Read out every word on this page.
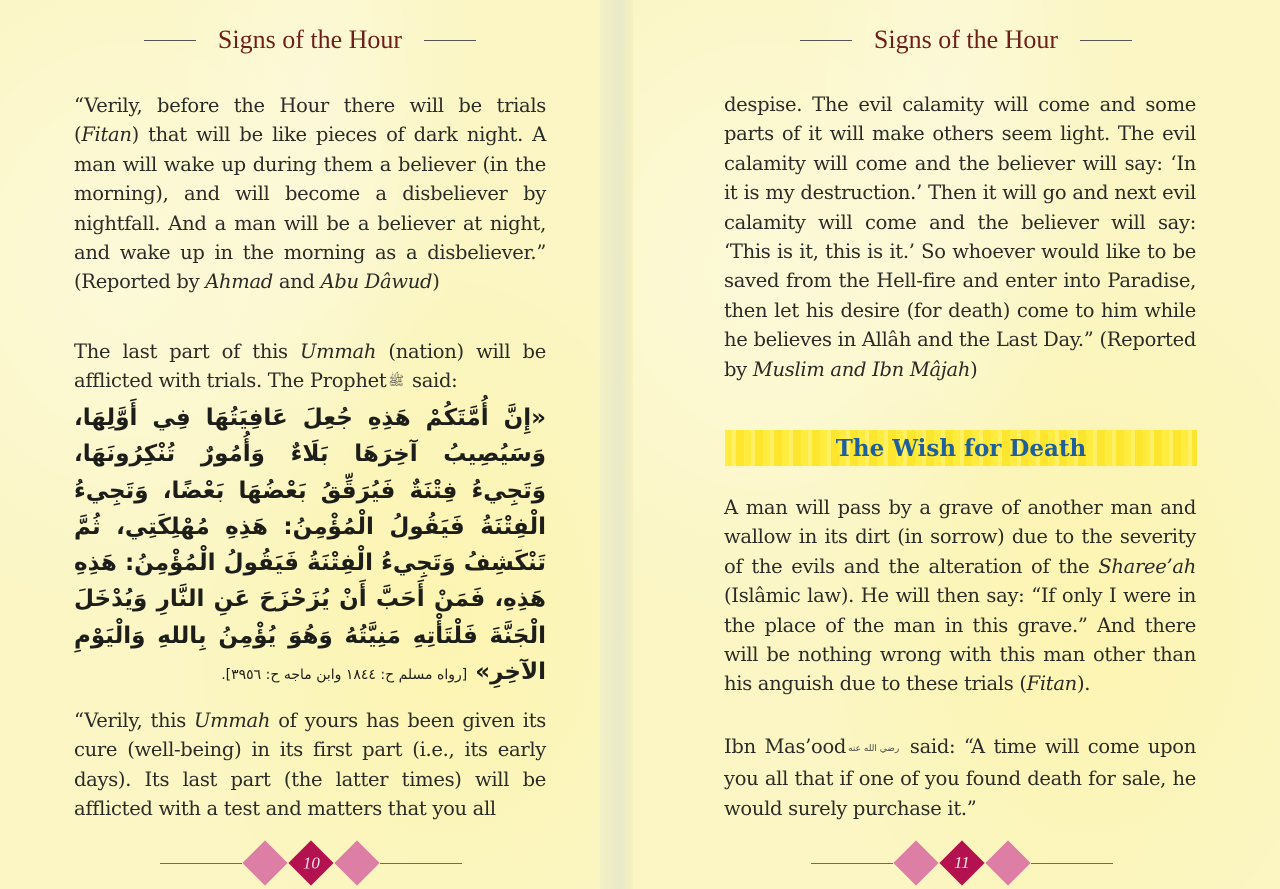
Signs of the Hour
“Verily, before the Hour there will be trials (Fitan) that will be like pieces of dark night. A man will wake up during them a believer (in the morning), and will become a disbeliever by nightfall. And a man will be a believer at night, and wake up in the morning as a disbeliever.” (Reported by Ahmad and Abu Dâwud)
The last part of this Ummah (nation) will be afflicted with trials. The Prophet ﷺ said:
«إِنَّ أُمَّتَكُمْ هَذِهِ جُعِلَ عَافِيَتُهَا فِي أَوَّلِهَا، وَسَيُصِيبُ آخِرَهَا بَلَاءٌ وَأُمُورٌ تُنْكِرُونَهَا، وَتَجِيءُ فِتْنَةٌ فَيُرَقِّقُ بَعْضُهَا بَعْضًا، وَتَجِيءُ الْفِتْنَةُ فَيَقُولُ الْمُؤْمِنُ: هَذِهِ مُهْلِكَتِي، ثُمَّ تَنْكَشِفُ وَتَجِيءُ الْفِتْنَةُ فَيَقُولُ الْمُؤْمِنُ: هَذِهِ هَذِهِ، فَمَنْ أَحَبَّ أَنْ يُزَحْزَحَ عَنِ النَّارِ وَيُدْخَلَ الْجَنَّةَ فَلْتَأْتِهِ مَنِيَّتُهُ وَهُوَ يُؤْمِنُ بِاللهِ وَالْيَوْمِ الآخِرِ» [رواه مسلم ح: ١٨٤٤ وابن ماجه ح: ٣٩٥٦].
“Verily, this Ummah of yours has been given its cure (well-being) in its first part (i.e., its early days). Its last part (the latter times) will be afflicted with a test and matters that you all
10
Signs of the Hour
despise. The evil calamity will come and some parts of it will make others seem light. The evil calamity will come and the believer will say: ‘In it is my destruction.’ Then it will go and next evil calamity will come and the believer will say: ‘This is it, this is it.’ So whoever would like to be saved from the Hell-fire and enter into Paradise, then let his desire (for death) come to him while he believes in Allâh and the Last Day.” (Reported by Muslim and Ibn Mâjah)
The Wish for Death
A man will pass by a grave of another man and wallow in its dirt (in sorrow) due to the severity of the evils and the alteration of the Sharee’ah (Islâmic law). He will then say: “If only I were in the place of the man in this grave.” And there will be nothing wrong with this man other than his anguish due to these trials (Fitan).
Ibn Mas’ood رضي الله عنه said: “A time will come upon you all that if one of you found death for sale, he would surely purchase it.”
11
